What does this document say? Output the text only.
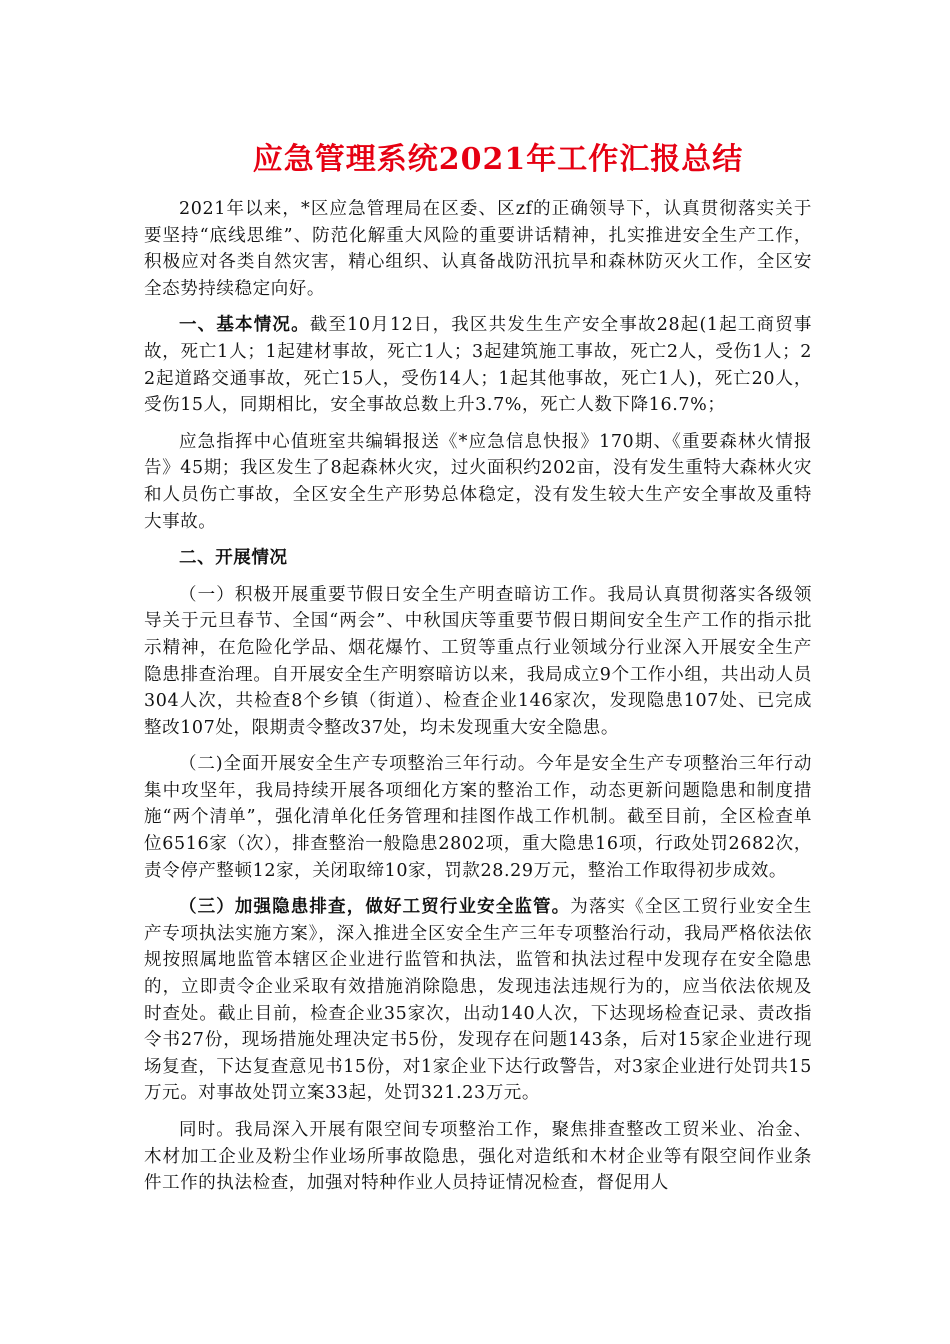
应急管理系统2021年工作汇报总结

2021年以来，*区应急管理局在区委、区zf的正确领导下，认真贯彻落实关于要坚持“底线思维”、防范化解重大风险的重要讲话精神，扎实推进安全生产工作，积极应对各类自然灾害，精心组织、认真备战防汛抗旱和森林防灭火工作，全区安全态势持续稳定向好。

一、基本情况。截至10月12日，我区共发生生产安全事故28起(1起工商贸事故，死亡1人；1起建材事故，死亡1人；3起建筑施工事故，死亡2人，受伤1人；22起道路交通事故，死亡15人，受伤14人；1起其他事故，死亡1人)，死亡20人，受伤15人，同期相比，安全事故总数上升3.7%，死亡人数下降16.7%；

应急指挥中心值班室共编辑报送《*应急信息快报》170期、《重要森林火情报告》45期；我区发生了8起森林火灾，过火面积约202亩，没有发生重特大森林火灾和人员伤亡事故，全区安全生产形势总体稳定，没有发生较大生产安全事故及重特大事故。

二、开展情况

（一）积极开展重要节假日安全生产明查暗访工作。我局认真贯彻落实各级领导关于元旦春节、全国“两会”、中秋国庆等重要节假日期间安全生产工作的指示批示精神，在危险化学品、烟花爆竹、工贸等重点行业领域分行业深入开展安全生产隐患排查治理。自开展安全生产明察暗访以来，我局成立9个工作小组，共出动人员304人次，共检查8个乡镇（街道）、检查企业146家次，发现隐患107处、已完成整改107处，限期责令整改37处，均未发现重大安全隐患。

（二)全面开展安全生产专项整治三年行动。今年是安全生产专项整治三年行动集中攻坚年，我局持续开展各项细化方案的整治工作，动态更新问题隐患和制度措施“两个清单”，强化清单化任务管理和挂图作战工作机制。截至目前，全区检查单位6516家（次），排查整治一般隐患2802项，重大隐患16项，行政处罚2682次，责令停产整顿12家，关闭取缔10家，罚款28.29万元，整治工作取得初步成效。

（三）加强隐患排查，做好工贸行业安全监管。为落实《全区工贸行业安全生产专项执法实施方案》，深入推进全区安全生产三年专项整治行动，我局严格依法依规按照属地监管本辖区企业进行监管和执法，监管和执法过程中发现存在安全隐患的，立即责令企业采取有效措施消除隐患，发现违法违规行为的，应当依法依规及时查处。截止目前，检查企业35家次，出动140人次，下达现场检查记录、责改指令书27份，现场措施处理决定书5份，发现存在问题143条，后对15家企业进行现场复查，下达复查意见书15份，对1家企业下达行政警告，对3家企业进行处罚共15万元。对事故处罚立案33起，处罚321.23万元。

同时。我局深入开展有限空间专项整治工作，聚焦排查整改工贸米业、冶金、木材加工企业及粉尘作业场所事故隐患，强化对造纸和木材企业等有限空间作业条件工作的执法检查，加强对特种作业人员持证情况检查，督促用人
